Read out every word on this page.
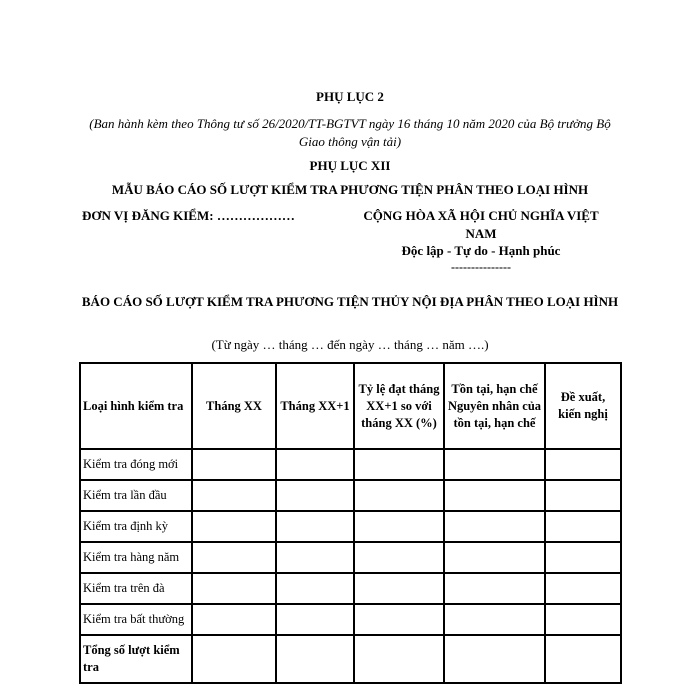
PHỤ LỤC 2
(Ban hành kèm theo Thông tư số 26/2020/TT-BGTVT ngày 16 tháng 10 năm 2020 của Bộ trưởng Bộ Giao thông vận tải)
PHỤ LỤC XII
MẪU BÁO CÁO SỐ LƯỢT KIỂM TRA PHƯƠNG TIỆN PHÂN THEO LOẠI HÌNH
ĐƠN VỊ ĐĂNG KIỂM: ………………	CỘNG HÒA XÃ HỘI CHỦ NGHĨA VIỆT NAM
Độc lập - Tự do - Hạnh phúc
---------------
BÁO CÁO SỐ LƯỢT KIỂM TRA PHƯƠNG TIỆN THỦY NỘI ĐỊA PHÂN THEO LOẠI HÌNH
(Từ ngày … tháng … đến ngày … tháng … năm ….)
Loại hình kiểm tra	Tháng XX	Tháng XX+1	Tỷ lệ đạt tháng XX+1 so với tháng XX (%)	Tồn tại, hạn chế Nguyên nhân của tồn tại, hạn chế	Đề xuất, kiến nghị
Kiểm tra đóng mới					
Kiểm tra lần đầu					
Kiểm tra định kỳ					
Kiểm tra hàng năm					
Kiểm tra trên đà					
Kiểm tra bất thường					
Tổng số lượt kiểm tra					
